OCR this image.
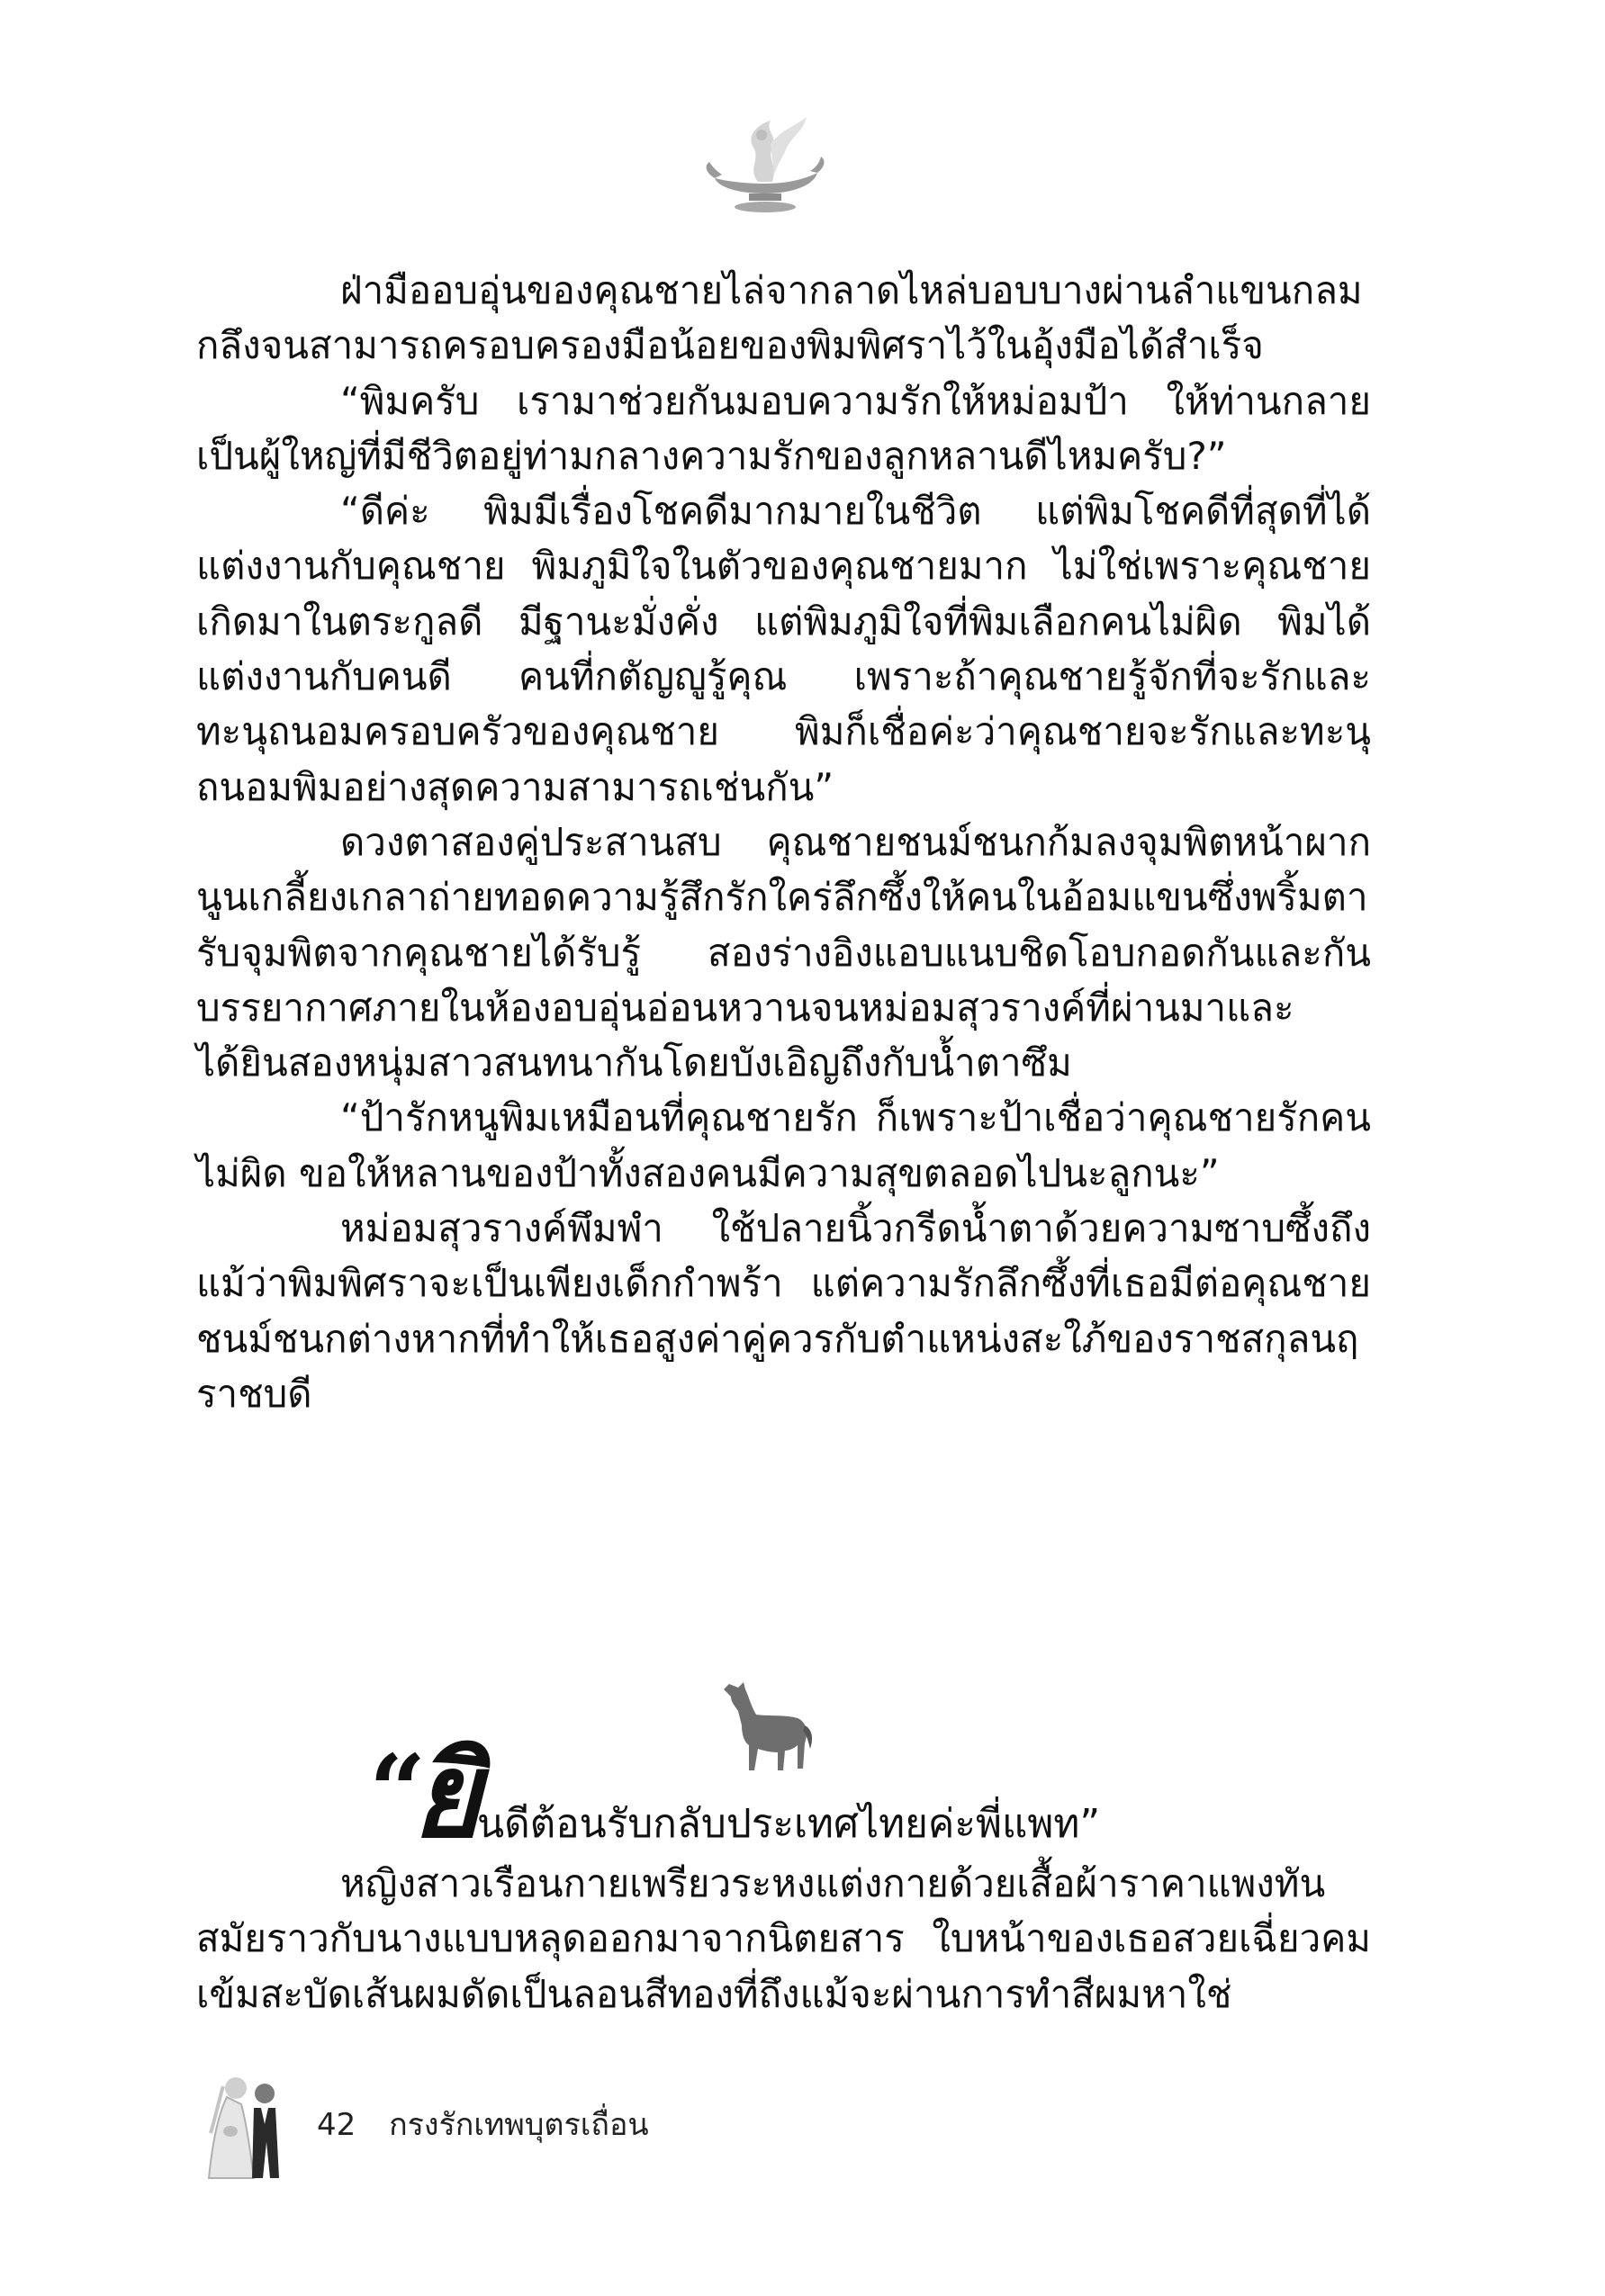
ฝ่ามืออบอุ่นของคุณชายไล่จากลาดไหล่บอบบางผ่านลำแขนกลมกลึงจนสามารถครอบครองมือน้อยของพิมพิศราไว้ในอุ้งมือได้สำเร็จ

“พิมครับ เรามาช่วยกันมอบความรักให้หม่อมป้า ให้ท่านกลายเป็นผู้ใหญ่ที่มีชีวิตอยู่ท่ามกลางความรักของลูกหลานดีไหมครับ?”

“ดีค่ะ พิมมีเรื่องโชคดีมากมายในชีวิต แต่พิมโชคดีที่สุดที่ได้แต่งงานกับคุณชาย พิมภูมิใจในตัวของคุณชายมาก ไม่ใช่เพราะคุณชายเกิดมาในตระกูลดี มีฐานะมั่งคั่ง แต่พิมภูมิใจที่พิมเลือกคนไม่ผิด พิมได้แต่งงานกับคนดี คนที่กตัญญูรู้คุณ เพราะถ้าคุณชายรู้จักที่จะรักและทะนุถนอมครอบครัวของคุณชาย พิมก็เชื่อค่ะว่าคุณชายจะรักและทะนุถนอมพิมอย่างสุดความสามารถเช่นกัน”

ดวงตาสองคู่ประสานสบ คุณชายชนม์ชนกก้มลงจุมพิตหน้าผากนูนเกลี้ยงเกลาถ่ายทอดความรู้สึกรักใคร่ลึกซึ้งให้คนในอ้อมแขนซึ่งพริ้มตารับจุมพิตจากคุณชายได้รับรู้ สองร่างอิงแอบแนบชิดโอบกอดกันและกันบรรยากาศภายในห้องอบอุ่นอ่อนหวานจนหม่อมสุวรางค์ที่ผ่านมาและได้ยินสองหนุ่มสาวสนทนากันโดยบังเอิญถึงกับน้ำตาซึม

“ป้ารักหนูพิมเหมือนที่คุณชายรัก ก็เพราะป้าเชื่อว่าคุณชายรักคนไม่ผิด ขอให้หลานของป้าทั้งสองคนมีความสุขตลอดไปนะลูกนะ”

หม่อมสุวรางค์พึมพำ ใช้ปลายนิ้วกรีดน้ำตาด้วยความซาบซึ้งถึงแม้ว่าพิมพิศราจะเป็นเพียงเด็กกำพร้า แต่ความรักลึกซึ้งที่เธอมีต่อคุณชายชนม์ชนกต่างหากที่ทำให้เธอสูงค่าคู่ควรกับตำแหน่งสะใภ้ของราชสกุลนฤราชบดี

“
ยิ
นดีต้อนรับกลับประเทศไทยค่ะพี่แพท”

หญิงสาวเรือนกายเพรียวระหงแต่งกายด้วยเสื้อผ้าราคาแพงทันสมัยราวกับนางแบบหลุดออกมาจากนิตยสาร ใบหน้าของเธอสวยเฉี่ยวคมเข้มสะบัดเส้นผมดัดเป็นลอนสีทองที่ถึงแม้จะผ่านการทำสีผมหาใช่

42 กรงรักเทพบุตรเถื่อน
